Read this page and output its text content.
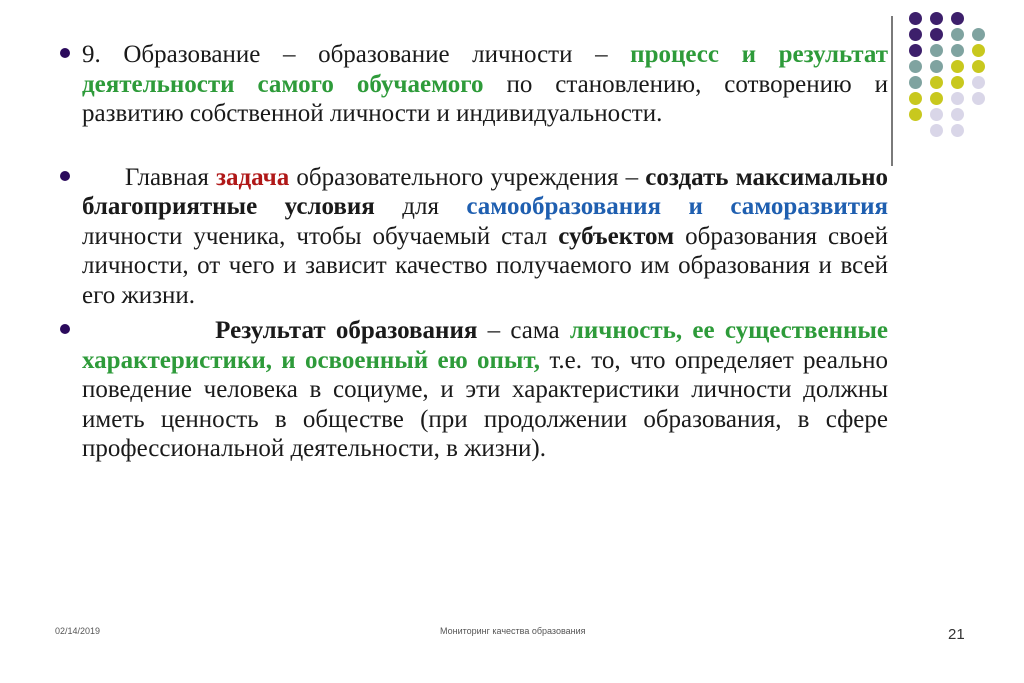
9. Образование – образование личности – процесс и результат деятельности самого обучаемого по становлению, сотворению и развитию собственной личности и индивидуальности.
Главная задача образовательного учреждения – создать максимально благоприятные условия для самообразования и саморазвития личности ученика, чтобы обучаемый стал субъектом образования своей личности, от чего и зависит качество получаемого им образования и всей его жизни.
Результат образования – сама личность, ее существенные характеристики, и освоенный ею опыт, т.е. то, что определяет реально поведение человека в социуме, и эти характеристики личности должны иметь ценность в обществе (при продолжении образования, в сфере профессиональной деятельности, в жизни).
02/14/2019	Мониторинг качества образования	21
